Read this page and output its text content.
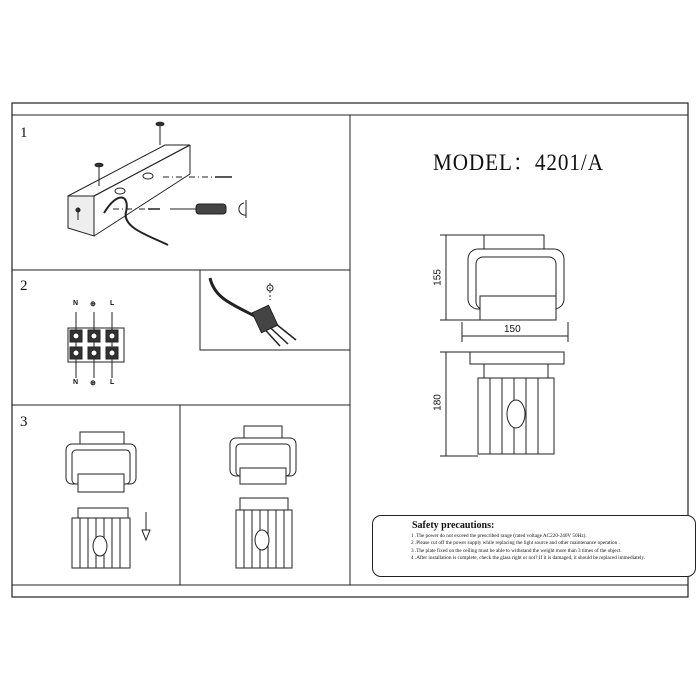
1
2
3
N ⊕ L
N ⊕ L
MODEL：4201/A
155
150
180
Safety precautions:
1 .The power do not exceed the prescribed range (rated voltage AC220-240V 50Hz).
2 .Please cut off the power supply while replacing the light source and other maintenance operation .
3 .The plate fixed on the ceiling must be able to withstand the weight more than 3 times of the object.
4 .After installation is complete, check the glass right or not? If it is damaged, it should be replaced immediately.
